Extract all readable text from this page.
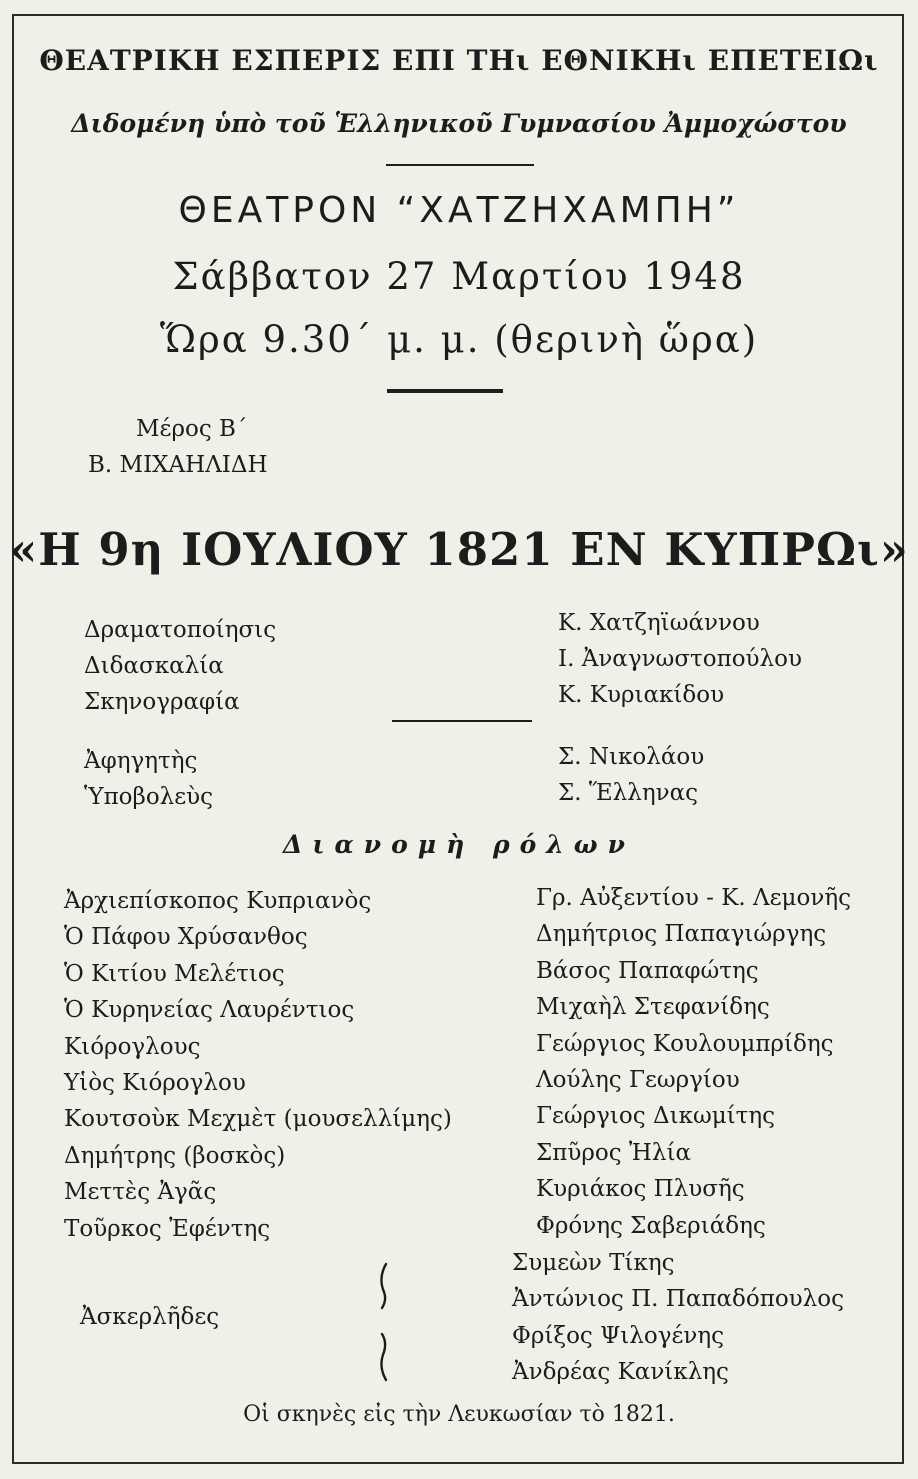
ΘΕΑΤΡΙΚΗ ΕΣΠΕΡΙΣ ΕΠΙ ΤΗι ΕΘΝΙΚΗι ΕΠΕΤΕΙΩι
Διδομένη ὑπὸ τοῦ Ἑλληνικοῦ Γυμνασίου Ἀμμοχώστου
ΘΕΑΤΡΟΝ “ΧΑΤΖΗΧΑΜΠΗ”
Σάββατον 27 Μαρτίου 1948
Ὥρα 9.30΄ μ. μ. (θερινὴ ὥρα)
Μέρος Β΄
Β. ΜΙΧΑΗΛΙΔΗ
«Η 9η ΙΟΥΛΙΟΥ 1821 ΕΝ ΚΥΠΡΩι»
Δραματοποίησις
Διδασκαλία
Σκηνογραφία
Κ. Χατζηϊωάννου
Ι. Ἀναγνωστοπούλου
Κ. Κυριακίδου
Ἀφηγητὴς
Ὑποβολεὺς
Σ. Νικολάου
Σ. Ἕλληνας
Διανομὴ ρόλων
Ἀρχιεπίσκοπος Κυπριανὸς
Ὁ Πάφου Χρύσανθος
Ὁ Κιτίου Μελέτιος
Ὁ Κυρηνείας Λαυρέντιος
Κιόρογλους
Υἱὸς Κιόρογλου
Κουτσοὺκ Μεχμὲτ (μουσελλίμης)
Δημήτρης (βοσκὸς)
Μεττὲς Ἀγᾶς
Τοῦρκος Ἐφέντης
Γρ. Αὐξεντίου - Κ. Λεμονῆς
Δημήτριος Παπαγιώργης
Βάσος Παπαφώτης
Μιχαὴλ Στεφανίδης
Γεώργιος Κουλουμπρίδης
Λούλης Γεωργίου
Γεώργιος Δικωμίτης
Σπῦρος Ἠλία
Κυριάκος Πλυσῆς
Φρόνης Σαβεριάδης
Ἀσκερλῆδες
Συμεὼν Τίκης
Ἀντώνιος Π. Παπαδόπουλος
Φρίξος Ψιλογένης
Ἀνδρέας Κανίκλης
Οἱ σκηνὲς εἰς τὴν Λευκωσίαν τὸ 1821.
